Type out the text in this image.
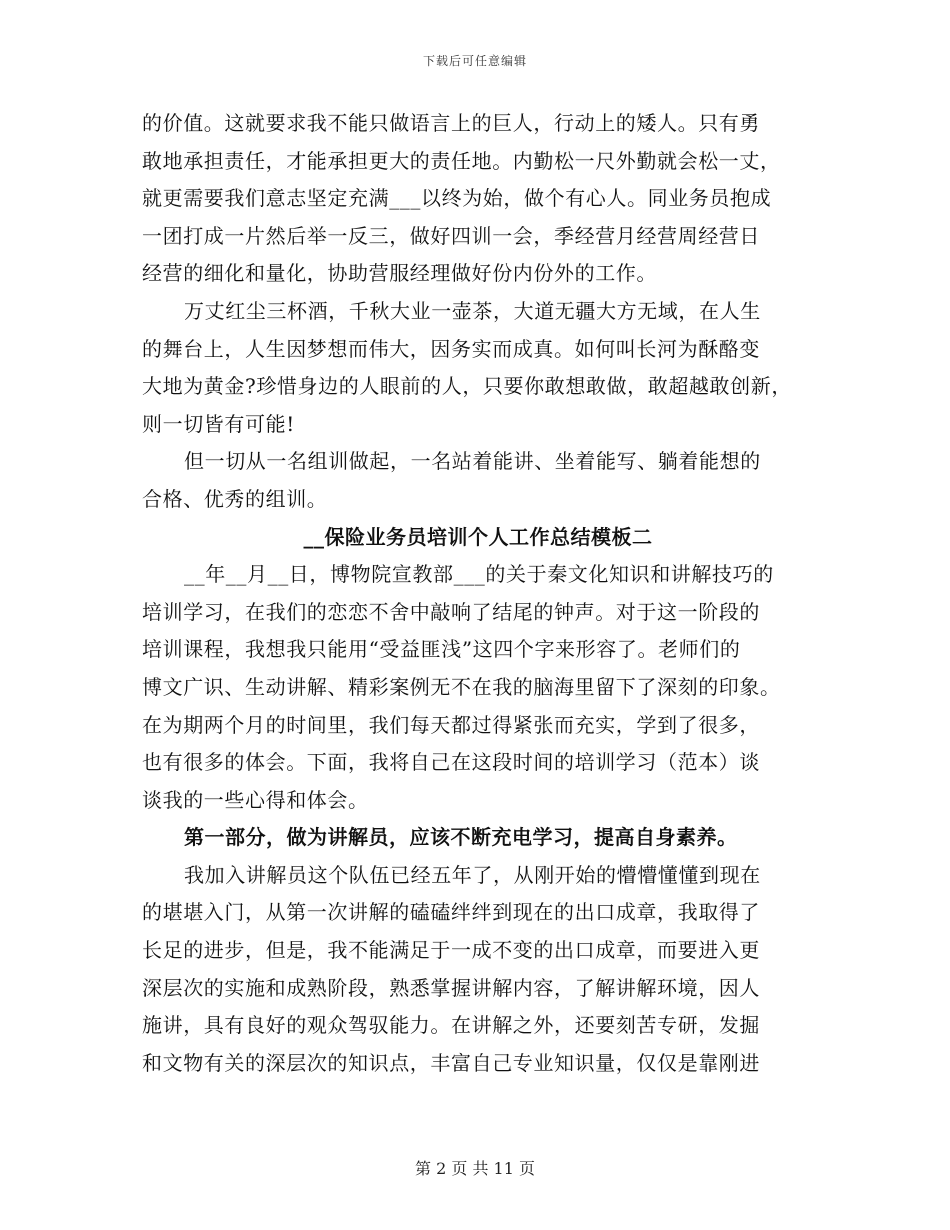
下载后可任意编辑
的价值。这就要求我不能只做语言上的巨人，行动上的矮人。只有勇
敢地承担责任，才能承担更大的责任地。内勤松一尺外勤就会松一丈，
就更需要我们意志坚定充满___以终为始，做个有心人。同业务员抱成
一团打成一片然后举一反三，做好四训一会，季经营月经营周经营日
经营的细化和量化，协助营服经理做好份内份外的工作。
万丈红尘三杯酒，千秋大业一壶茶，大道无疆大方无域，在人生
的舞台上，人生因梦想而伟大，因务实而成真。如何叫长河为酥酪变
大地为黄金?珍惜身边的人眼前的人，只要你敢想敢做，敢超越敢创新，
则一切皆有可能!
但一切从一名组训做起，一名站着能讲、坐着能写、躺着能想的
合格、优秀的组训。
__保险业务员培训个人工作总结模板二
__年__月__日，博物院宣教部___的关于秦文化知识和讲解技巧的
培训学习，在我们的恋恋不舍中敲响了结尾的钟声。对于这一阶段的
培训课程，我想我只能用“受益匪浅”这四个字来形容了。老师们的
博文广识、生动讲解、精彩案例无不在我的脑海里留下了深刻的印象。
在为期两个月的时间里，我们每天都过得紧张而充实，学到了很多，
也有很多的体会。下面，我将自己在这段时间的培训学习（范本）谈
谈我的一些心得和体会。
第一部分，做为讲解员，应该不断充电学习，提高自身素养。
我加入讲解员这个队伍已经五年了，从刚开始的懵懵懂懂到现在
的堪堪入门，从第一次讲解的磕磕绊绊到现在的出口成章，我取得了
长足的进步，但是，我不能满足于一成不变的出口成章，而要进入更
深层次的实施和成熟阶段，熟悉掌握讲解内容，了解讲解环境，因人
施讲，具有良好的观众驾驭能力。在讲解之外，还要刻苦专研，发掘
和文物有关的深层次的知识点，丰富自己专业知识量，仅仅是靠刚进
第 2 页 共 11 页
